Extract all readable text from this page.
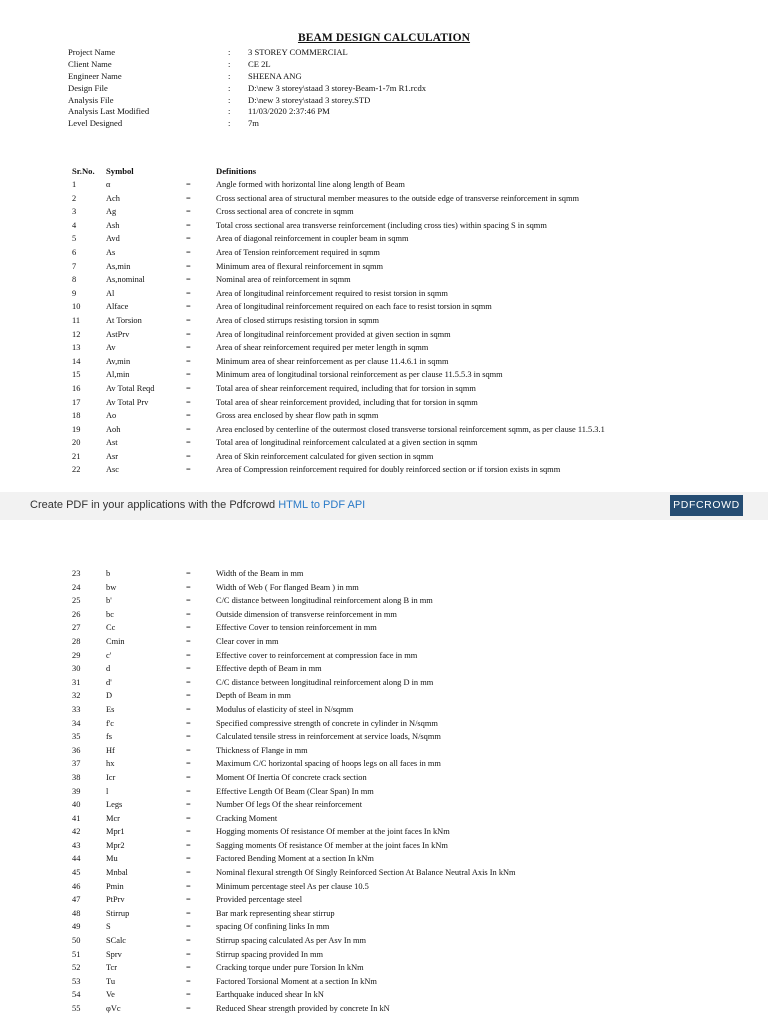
BEAM DESIGN CALCULATION
Project Name	:	3 STOREY COMMERCIAL
Client Name	:	CE 2L
Engineer Name	:	SHEENA ANG
Design File	:	D:\new 3 storey\staad 3 storey-Beam-1-7m R1.rcdx
Analysis File	:	D:\new 3 storey\staad 3 storey.STD
Analysis Last Modified	:	11/03/2020 2:37:46 PM
Level Designed	:	7m
Sr.No. Symbol	Definitions
1	α	=	Angle formed with horizontal line along length of Beam
2	Ach	=	Cross sectional area of structural member measures to the outside edge of transverse reinforcement in sqmm
3	Ag	=	Cross sectional area of concrete in sqmm
4	Ash	=	Total cross sectional area transverse reinforcement (including cross ties) within spacing S in sqmm
5	Avd	=	Area of diagonal reinforcement in coupler beam in sqmm
6	As	=	Area of Tension reinforcement required in sqmm
7	As,min	=	Minimum area of flexural reinforcement in sqmm
8	As,nominal	=	Nominal area of reinforcement in sqmm
9	Al	=	Area of longitudinal reinforcement required to resist torsion in sqmm
10	Alface	=	Area of longitudinal reinforcement required on each face to resist torsion in sqmm
11	At Torsion	=	Area of closed stirrups resisting torsion in sqmm
12	AstPrv	=	Area of longitudinal reinforcement provided at given section in sqmm
13	Av	=	Area of shear reinforcement required per meter length in sqmm
14	Av,min	=	Minimum area of shear reinforcement as per clause 11.4.6.1 in sqmm
15	Al,min	=	Minimum area of longitudinal torsional reinforcement as per clause 11.5.5.3 in sqmm
16	Av Total Reqd	=	Total area of shear reinforcement required, including that for torsion in sqmm
17	Av Total Prv	=	Total area of shear reinforcement provided, including that for torsion in sqmm
18	Ao	=	Gross area enclosed by shear flow path in sqmm
19	Aoh	=	Area enclosed by centerline of the outermost closed transverse torsional reinforcement sqmm, as per clause 11.5.3.1
20	Ast	=	Total area of longitudinal reinforcement calculated at a given section in sqmm
21	Asr	=	Area of Skin reinforcement calculated for given section in sqmm
22	Asc	=	Area of Compression reinforcement required for doubly reinforced section or if torsion exists in sqmm
Create PDF in your applications with the Pdfcrowd HTML to PDF API	PDFCROWD
23	b	=	Width of the Beam in mm
24	bw	=	Width of Web ( For flanged Beam ) in mm
25	b'	=	C/C distance between longitudinal reinforcement along B in mm
26	bc	=	Outside dimension of transverse reinforcement in mm
27	Cc	=	Effective Cover to tension reinforcement in mm
28	Cmin	=	Clear cover in mm
29	c'	=	Effective cover to reinforcement at compression face in mm
30	d	=	Effective depth of Beam in mm
31	d'	=	C/C distance between longitudinal reinforcement along D in mm
32	D	=	Depth of Beam in mm
33	Es	=	Modulus of elasticity of steel in N/sqmm
34	f'c	=	Specified compressive strength of concrete in cylinder in N/sqmm
35	fs	=	Calculated tensile stress in reinforcement at service loads, N/sqmm
36	Hf	=	Thickness of Flange in mm
37	hx	=	Maximum C/C horizontal spacing of hoops legs on all faces in mm
38	Icr	=	Moment Of Inertia Of concrete crack section
39	l	=	Effective Length Of Beam (Clear Span) In mm
40	Legs	=	Number Of legs Of the shear reinforcement
41	Mcr	=	Cracking Moment
42	Mpr1	=	Hogging moments Of resistance Of member at the joint faces In kNm
43	Mpr2	=	Sagging moments Of resistance Of member at the joint faces In kNm
44	Mu	=	Factored Bending Moment at a section In kNm
45	Mnbal	=	Nominal flexural strength Of Singly Reinforced Section At Balance Neutral Axis In kNm
46	Pmin	=	Minimum percentage steel As per clause 10.5
47	PtPrv	=	Provided percentage steel
48	Stirrup	=	Bar mark representing shear stirrup
49	S	=	spacing Of confining links In mm
50	SCalc	=	Stirrup spacing calculated As per Asv In mm
51	Sprv	=	Stirrup spacing provided In mm
52	Tcr	=	Cracking torque under pure Torsion In kNm
53	Tu	=	Factored Torsional Moment at a section In kNm
54	Ve	=	Earthquake induced shear In kN
55	φVc	=	Reduced Shear strength provided by concrete In kN
